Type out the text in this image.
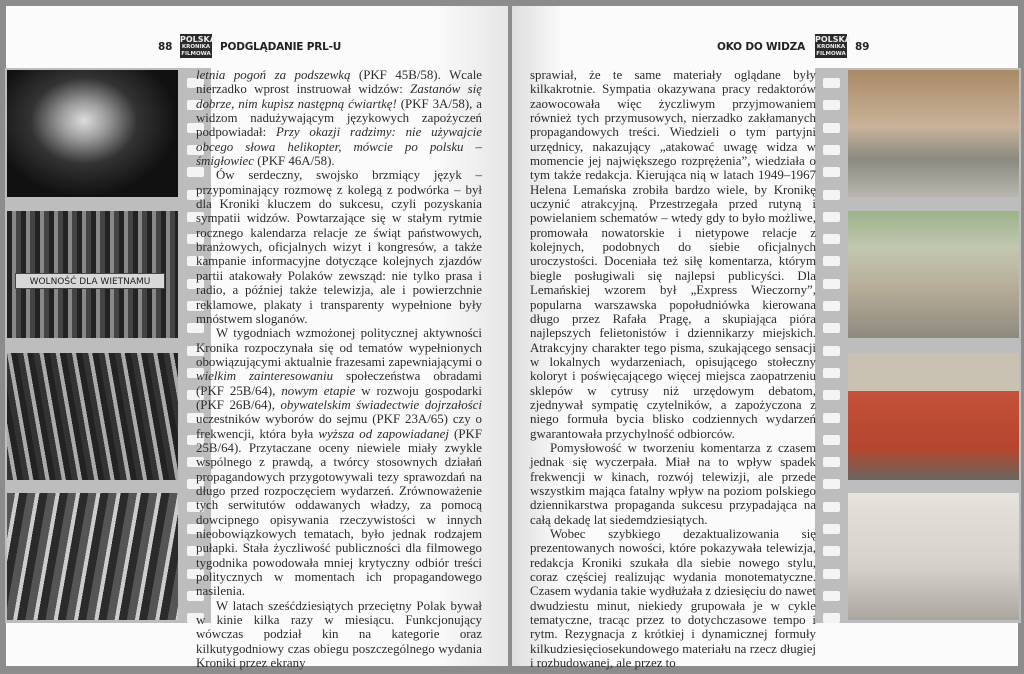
88
POLSKA
KRONIKA
FILMOWA
PODGLĄDANIE PRL-U
WOLNOŚĆ DLA WIETNAMU

letnia pogoń za podszewką (PKF 45B/58). Wcale nierzadko wprost instruował widzów: Zastanów się dobrze, nim kupisz następną ćwiartkę! (PKF 3A/58), a widzom nadużywającym językowych zapożyczeń podpowiadał: Przy okazji radzimy: nie używajcie obcego słowa helikopter, mówcie po polsku – śmigłowiec (PKF 46A/58).

Ów serdeczny, swojsko brzmiący język – przypominający rozmowę z kolegą z podwórka – był dla Kroniki kluczem do sukcesu, czyli pozyskania sympatii widzów. Powtarzające się w stałym rytmie rocznego kalendarza relacje ze świąt państwowych, branżowych, oficjalnych wizyt i kongresów, a także kampanie informacyjne dotyczące kolejnych zjazdów partii atakowały Polaków zewsząd: nie tylko prasa i radio, a później także telewizja, ale i powierzchnie reklamowe, plakaty i transparenty wypełnione były mnóstwem sloganów.

W tygodniach wzmożonej politycznej aktywności Kronika rozpoczynała się od tematów wypełnionych obowiązującymi aktualnie frazesami zapewniającymi o wielkim zainteresowaniu społeczeństwa obradami (PKF 25B/64), nowym etapie w rozwoju gospodarki (PKF 26B/64), obywatelskim świadectwie dojrzałości uczestników wyborów do sejmu (PKF 23A/65) czy o frekwencji, która była wyższa od zapowiadanej (PKF 25B/64). Przytaczane oceny niewiele miały zwykle wspólnego z prawdą, a twórcy stosownych działań propagandowych przygotowywali tezy sprawozdań na długo przed rozpoczęciem wydarzeń. Zrównoważenie tych serwitutów oddawanych władzy, za pomocą dowcipnego opisywania rzeczywistości w innych nieobowiązkowych tematach, było jednak rodzajem pułapki. Stała życzliwość publiczności dla filmowego tygodnika powodowała mniej krytyczny odbiór treści politycznych w momentach ich propagandowego nasilenia.

W latach sześćdziesiątych przeciętny Polak bywał w kinie kilka razy w miesiącu. Funkcjonujący wówczas podział kin na kategorie oraz kilkutygodniowy czas obiegu poszczególnego wydania Kroniki przez ekrany

OKO DO WIDZA
POLSKA
KRONIKA
FILMOWA
89

sprawiał, że te same materiały oglądane były kilkakrotnie. Sympatia okazywana pracy redaktorów zaowocowała więc życzliwym przyjmowaniem również tych przymusowych, nierzadko zakłamanych propagandowych treści. Wiedzieli o tym partyjni urzędnicy, nakazujący „atakować uwagę widza w momencie jej największego rozprężenia”, wiedziała o tym także redakcja. Kierująca nią w latach 1949–1967 Helena Lemańska zrobiła bardzo wiele, by Kronikę uczynić atrakcyjną. Przestrzegała przed rutyną i powielaniem schematów – wtedy gdy to było możliwe, promowała nowatorskie i nietypowe relacje z kolejnych, podobnych do siebie oficjalnych uroczystości. Doceniała też siłę komentarza, którym biegle posługiwali się najlepsi publicyści. Dla Lemańskiej wzorem był „Express Wieczorny”, popularna warszawska popołudniówka kierowana długo przez Rafała Pragę, a skupiająca pióra najlepszych felietonistów i dziennikarzy miejskich. Atrakcyjny charakter tego pisma, szukającego sensacji w lokalnych wydarzeniach, opisującego stołeczny koloryt i poświęcającego więcej miejsca zaopatrzeniu sklepów w cytrusy niż urzędowym debatom, zjednywał sympatię czytelników, a zapożyczona z niego formuła bycia blisko codziennych wydarzeń gwarantowała przychylność odbiorców.

Pomysłowość w tworzeniu komentarza z czasem jednak się wyczerpała. Miał na to wpływ spadek frekwencji w kinach, rozwój telewizji, ale przede wszystkim mająca fatalny wpływ na poziom polskiego dziennikarstwa propaganda sukcesu przypadająca na całą dekadę lat siedemdziesiątych.

Wobec szybkiego dezaktualizowania się prezentowanych nowości, które pokazywała telewizja, redakcja Kroniki szukała dla siebie nowego stylu, coraz częściej realizując wydania monotematyczne. Czasem wydania takie wydłużała z dziesięciu do nawet dwudziestu minut, niekiedy grupowała je w cykle tematyczne, tracąc przez to dotychczasowe tempo i rytm. Rezygnacja z krótkiej i dynamicznej formuły kilkudziesięciosekundowego materiału na rzecz długiej i rozbudowanej, ale przez to
